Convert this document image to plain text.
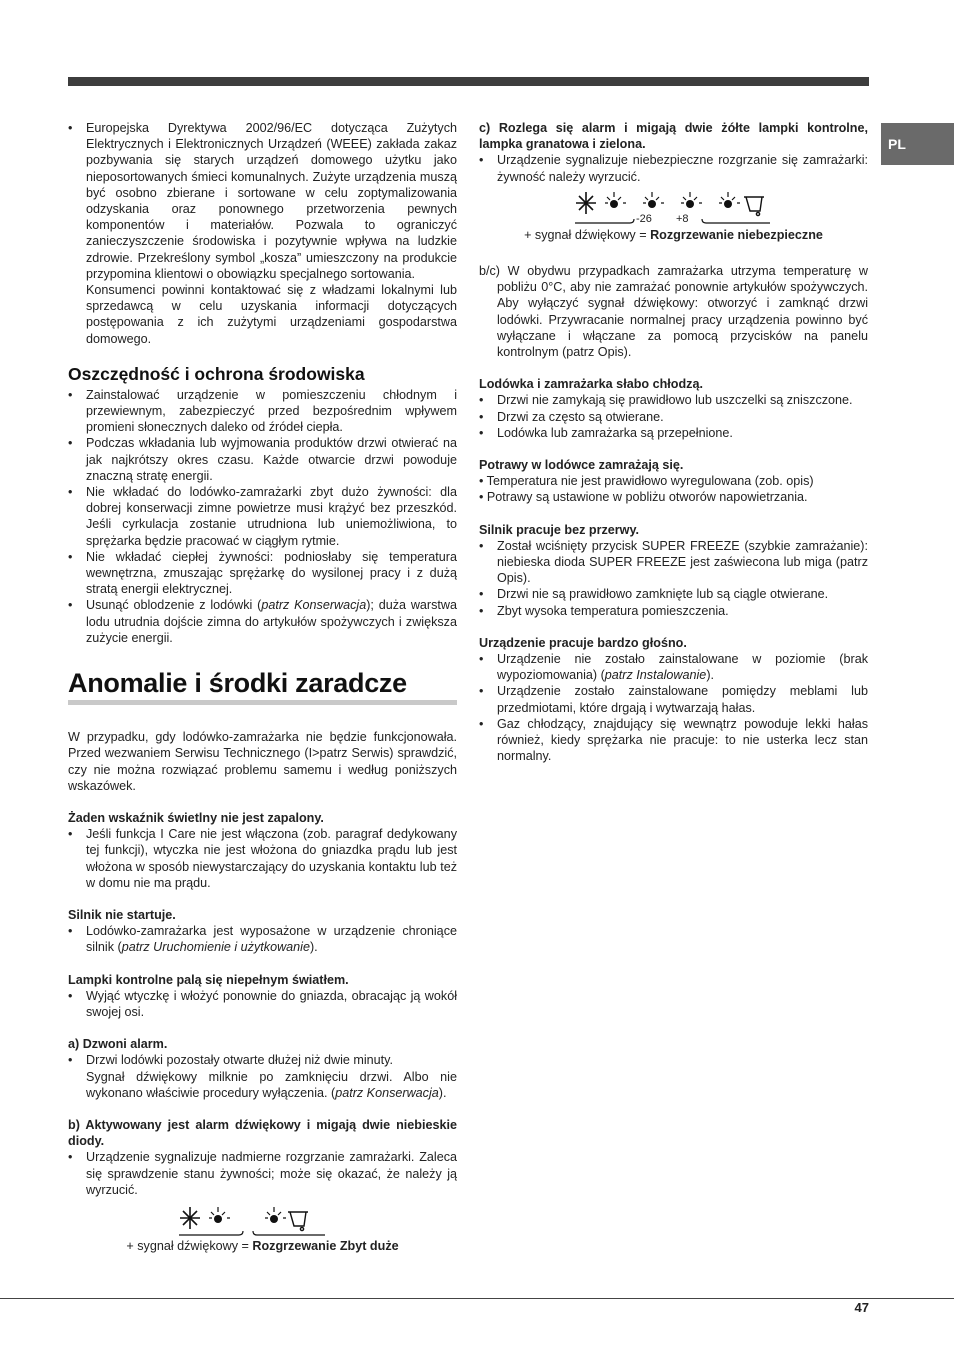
PL
• Europejska Dyrektywa 2002/96/EC dotycząca Zużytych Elektrycznych i Elektronicznych Urządzeń (WEEE) zakłada zakaz pozbywania się starych urządzeń domowego użytku jako nieposortowanych śmieci komunalnych. Zużyte urządzenia muszą być osobno zbierane i sortowane w celu zoptymalizowania odzyskania oraz ponownego przetworzenia pewnych komponentów i materiałów. Pozwala to ograniczyć zanieczyszczenie środowiska i pozytywnie wpływa na ludzkie zdrowie. Przekreślony symbol „kosza” umieszczony na produkcie przypomina klientowi o obowiązku specjalnego sortowania.

Konsumenci powinni kontaktować się z władzami lokalnymi lub sprzedawcą w celu uzyskania informacji dotyczących postępowania z ich zużytymi urządzeniami gospodarstwa domowego.

Oszczędność i ochrona środowiska
• Zainstalować urządzenie w pomieszczeniu chłodnym i przewiewnym, zabezpieczyć przed bezpośrednim wpływem promieni słonecznych daleko od źródeł ciepła.
• Podczas wkładania lub wyjmowania produktów drzwi otwierać na jak najkrótszy okres czasu. Każde otwarcie drzwi powoduje znaczną stratę energii.
• Nie wkładać do lodówko-zamrażarki zbyt dużo żywności: dla dobrej konserwacji zimne powietrze musi krążyć bez przeszkód. Jeśli cyrkulacja zostanie utrudniona lub uniemożliwiona, to sprężarka będzie pracować w ciągłym rytmie.
• Nie wkładać ciepłej żywności: podniosłaby się temperatura wewnętrzna, zmuszając sprężarkę do wysilonej pracy i z dużą stratą energii elektrycznej.
• Usunąć oblodzenie z lodówki (patrz Konserwacja); duża warstwa lodu utrudnia dojście zimna do artykułów spożywczych i zwiększa zużycie energii.
Anomalie i środki zaradcze

W przypadku, gdy lodówko-zamrażarka nie będzie funkcjonowała. Przed wezwaniem Serwisu Technicznego (I>patrz Serwis) sprawdzić, czy nie można rozwiązać problemu samemu i według poniższych wskazówek.

Żaden wskaźnik świetlny nie jest zapalony.

• Jeśli funkcja I Care nie jest włączona (zob. paragraf dedykowany tej funkcji), wtyczka nie jest włożona do gniazdka prądu lub jest włożona w sposób niewystarczający do uzyskania kontaktu lub też w domu nie ma prądu.

Silnik nie startuje.

• Lodówko-zamrażarka jest wyposażone w urządzenie chroniące silnik (patrz Uruchomienie i użytkowanie).

Lampki kontrolne palą się niepełnym światłem.

• Wyjąć wtyczkę i włożyć ponownie do gniazda, obracając ją wokół swojej osi.

a) Dzwoni alarm.

• Drzwi lodówki pozostały otwarte dłużej niż dwie minuty.

Sygnał dźwiękowy milknie po zamknięciu drzwi. Albo nie wykonano właściwie procedury wyłączenia. (patrz Konserwacja).

b) Aktywowany jest alarm dźwiękowy i migają dwie niebieskie diody.

• Urządzenie sygnalizuje nadmierne rozgrzanie zamrażarki. Zaleca się sprawdzenie stanu żywności; może się okazać, że należy ją wyrzucić.

+ sygnał dźwiękowy = Rozgrzewanie Zbyt duże

c) Rozlega się alarm i migają dwie żółte lampki kontrolne, lampka granatowa i zielona.

• Urządzenie sygnalizuje niebezpieczne rozgrzanie się zamrażarki: żywność należy wyrzucić.
-26 +8

+ sygnał dźwiękowy = Rozgrzewanie niebezpieczne

b/c) W obydwu przypadkach zamrażarka utrzyma temperaturę w pobliżu 0°C, aby nie zamrażać ponownie artykułów spożywczych. Aby wyłączyć sygnał dźwiękowy: otworzyć i zamknąć drzwi lodówki. Przywracanie normalnej pracy urządzenia powinno być wyłączane i włączane za pomocą przycisków na panelu kontrolnym (patrz Opis).

Lodówka i zamrażarka słabo chłodzą.

• Drzwi nie zamykają się prawidłowo lub uszczelki są zniszczone.
• Drzwi za często są otwierane.
• Lodówka lub zamrażarka są przepełnione.

Potrawy w lodówce zamrażają się.

• Temperatura nie jest prawidłowo wyregulowana (zob. opis)

• Potrawy są ustawione w pobliżu otworów napowietrzania.

Silnik pracuje bez przerwy.

• Został wciśnięty przycisk SUPER FREEZE (szybkie zamrażanie): niebieska dioda SUPER FREEZE jest zaświecona lub miga (patrz Opis).
• Drzwi nie są prawidłowo zamknięte lub są ciągle otwierane.
• Zbyt wysoka temperatura pomieszczenia.

Urządzenie pracuje bardzo głośno.

• Urządzenie nie zostało zainstalowane w poziomie (brak wypoziomowania) (patrz Instalowanie).
• Urządzenie zostało zainstalowane pomiędzy meblami lub przedmiotami, które drgają i wytwarzają hałas.
• Gaz chłodzący, znajdujący się wewnątrz powoduje lekki hałas również, kiedy sprężarka nie pracuje: to nie usterka lecz stan normalny.
47
